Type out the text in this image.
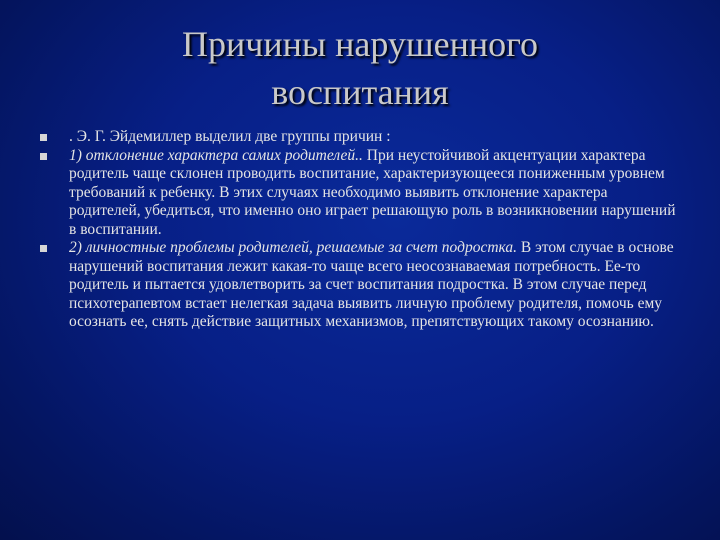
Причины нарушенного
воспитания
. Э. Г. Эйдемиллер выделил две группы причин :
1) отклонение характера самих родителей.. При неустойчивой акцентуации характера родитель чаще склонен проводить воспитание, характеризующееся пониженным уровнем требований к ребенку. В этих случаях необходимо выявить отклонение характера родителей, убедиться, что именно оно играет решающую роль в возникновении нарушений в воспитании.
2) личностные проблемы родителей, решаемые за счет подростка. В этом случае в основе нарушений воспитания лежит какая-то чаще всего неосознаваемая потребность. Ее-то родитель и пытается удовлетворить за счет воспитания подростка. В этом случае перед психотерапевтом встает нелегкая задача выявить личную проблему родителя, помочь ему осознать ее, снять действие защитных механизмов, препятствующих такому осознанию.
